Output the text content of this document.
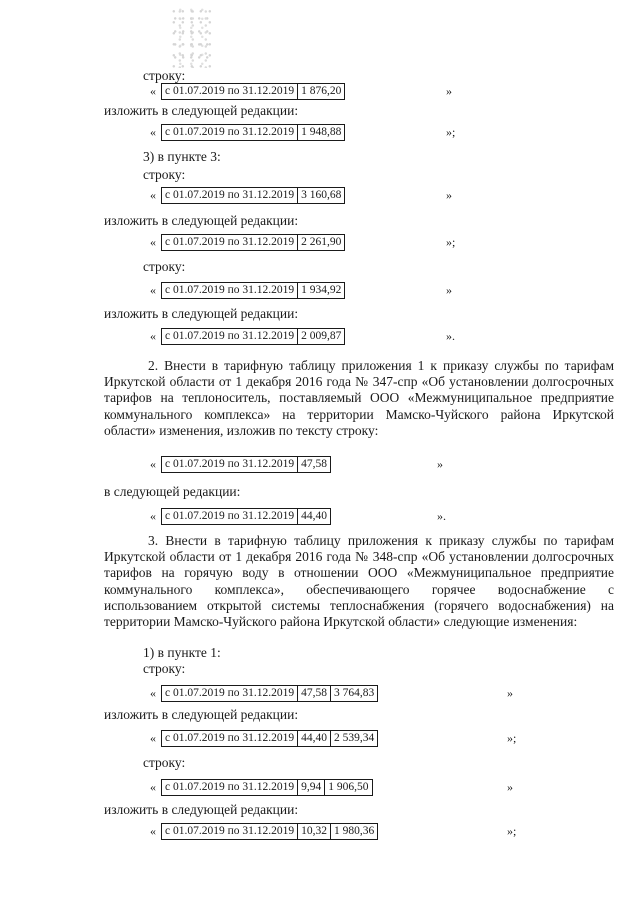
строку:
« с 01.07.2019 по 31.12.2019	1 876,20	»
изложить в следующей редакции:
« с 01.07.2019 по 31.12.2019	1 948,88	»;
3) в пункте 3:
строку:
« с 01.07.2019 по 31.12.2019	3 160,68	»
изложить в следующей редакции:
« с 01.07.2019 по 31.12.2019	2 261,90	»;
строку:
« с 01.07.2019 по 31.12.2019	1 934,92	»
изложить в следующей редакции:
« с 01.07.2019 по 31.12.2019	2 009,87	».

2. Внести в тарифную таблицу приложения 1 к приказу службы по тарифам Иркутской области от 1 декабря 2016 года № 347-спр «Об установлении долгосрочных тарифов на теплоноситель, поставляемый ООО «Межмуниципальное предприятие коммунального комплекса» на территории Мамско-Чуйского района Иркутской области» изменения, изложив по тексту строку:

« с 01.07.2019 по 31.12.2019	47,58	»
в следующей редакции:
« с 01.07.2019 по 31.12.2019	44,40	».

3. Внести в тарифную таблицу приложения к приказу службы по тарифам Иркутской области от 1 декабря 2016 года № 348-спр «Об установлении долгосрочных тарифов на горячую воду в отношении ООО «Межмуниципальное предприятие коммунального комплекса», обеспечивающего горячее водоснабжение с использованием открытой системы теплоснабжения (горячего водоснабжения) на территории Мамско-Чуйского района Иркутской области» следующие изменения:

1) в пункте 1:
строку:
« с 01.07.2019 по 31.12.2019	47,58	3 764,83	»
изложить в следующей редакции:
« с 01.07.2019 по 31.12.2019	44,40	2 539,34	»;
строку:
« с 01.07.2019 по 31.12.2019	9,94	1 906,50	»
изложить в следующей редакции:
« с 01.07.2019 по 31.12.2019	10,32	1 980,36	»;
